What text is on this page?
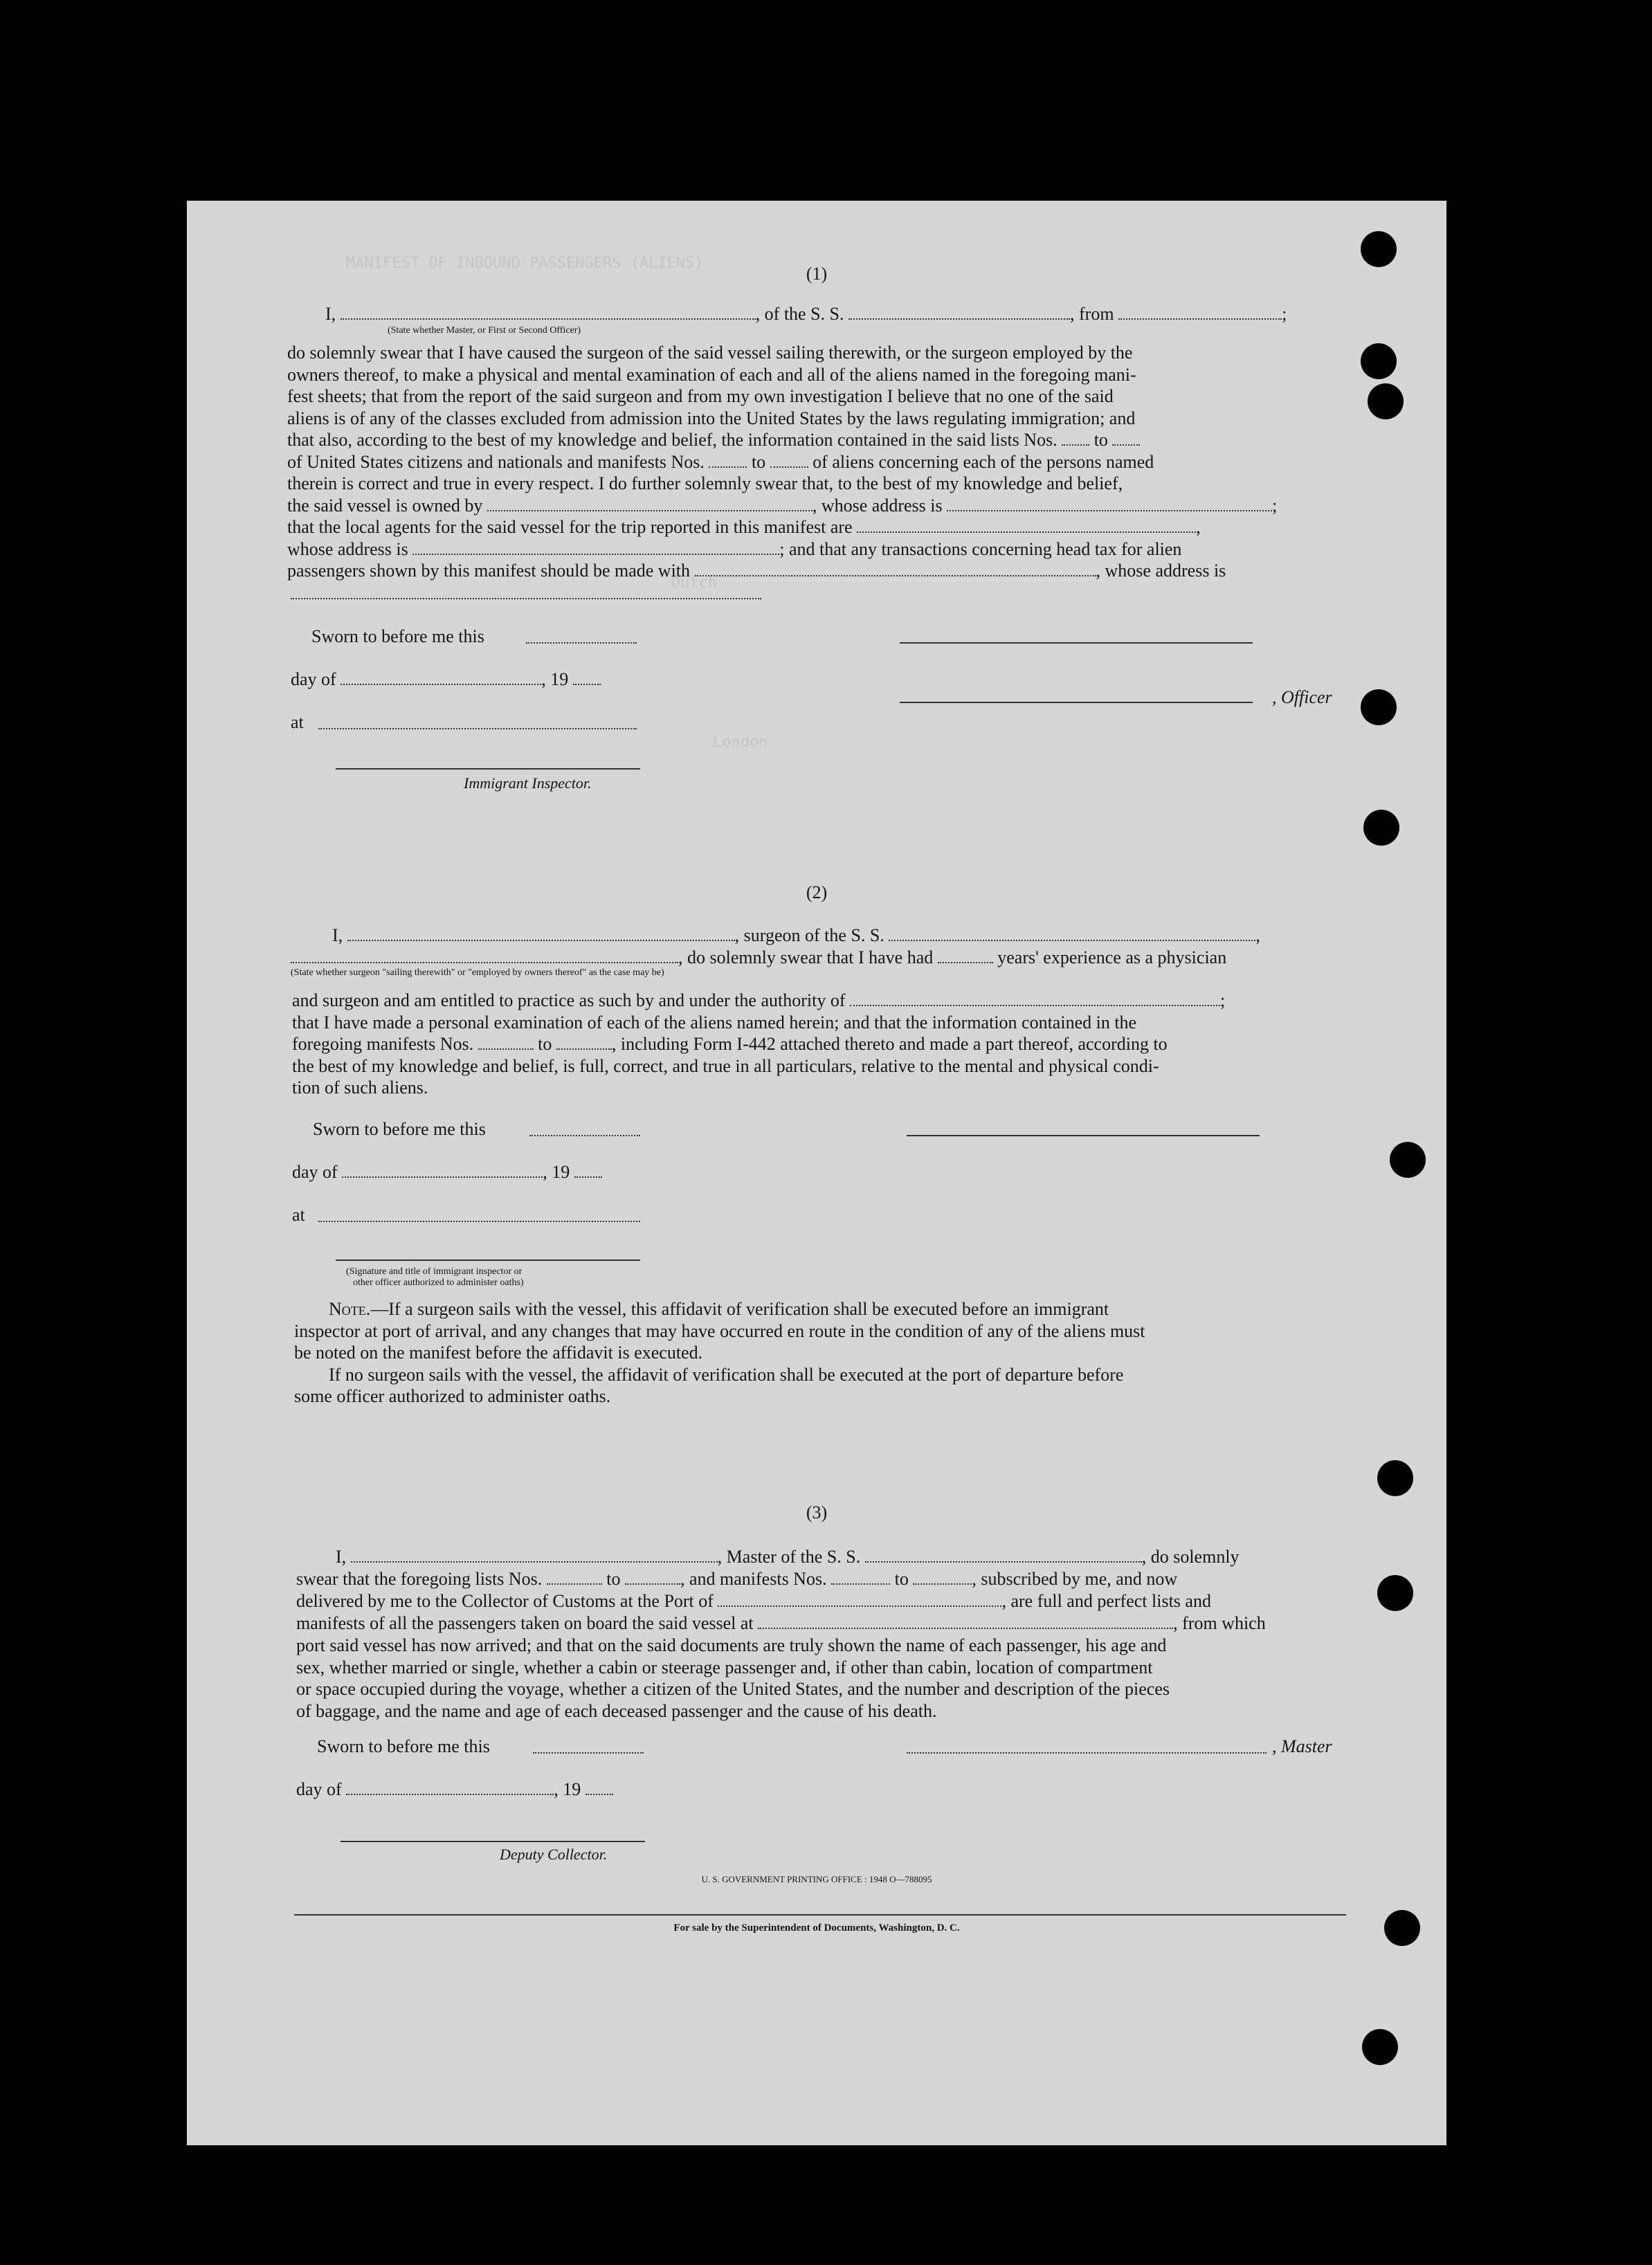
MANIFEST OF INBOUND PASSENGERS (ALIENS)
Dutch
London
(1)
I,	, of the S. S.	, from	;
(State whether Master, or First or Second Officer)
do solemnly swear that I have caused the surgeon of the said vessel sailing therewith, or the surgeon employed by the
owners thereof, to make a physical and mental examination of each and all of the aliens named in the foregoing mani-
fest sheets; that from the report of the said surgeon and from my own investigation I believe that no one of the said
aliens is of any of the classes excluded from admission into the United States by the laws regulating immigration; and
that also, according to the best of my knowledge and belief, the information contained in the said lists Nos. to
of United States citizens and nationals and manifests Nos.	to	of aliens concerning each of the persons named
therein is correct and true in every respect. I do further solemnly swear that, to the best of my knowledge and belief,
the said vessel is owned by	, whose address is	;
that the local agents for the said vessel for the trip reported in this manifest are	,
whose address is	; and that any transactions concerning head tax for alien
passengers shown by this manifest should be made with	, whose address is
Sworn to before me this
day of	, 19
, Officer
at
Immigrant Inspector.
(2)
I,	, surgeon of the S. S.	,
, do solemnly swear that I have had	years' experience as a physician
(State whether surgeon "sailing therewith" or "employed by owners thereof" as the case may be)
and surgeon and am entitled to practice as such by and under the authority of	;
that I have made a personal examination of each of the aliens named herein; and that the information contained in the
foregoing manifests Nos.	to	, including Form I-442 attached thereto and made a part thereof, according to
the best of my knowledge and belief, is full, correct, and true in all particulars, relative to the mental and physical condi-
tion of such aliens.
Sworn to before me this
day of	, 19
at
(Signature and title of immigrant inspector or
other officer authorized to administer oaths)
Note.—If a surgeon sails with the vessel, this affidavit of verification shall be executed before an immigrant
inspector at port of arrival, and any changes that may have occurred en route in the condition of any of the aliens must
be noted on the manifest before the affidavit is executed.
If no surgeon sails with the vessel, the affidavit of verification shall be executed at the port of departure before
some officer authorized to administer oaths.
(3)
I,	, Master of the S. S.	, do solemnly
swear that the foregoing lists Nos.	to	, and manifests Nos.	to	, subscribed by me, and now
delivered by me to the Collector of Customs at the Port of	, are full and perfect lists and
manifests of all the passengers taken on board the said vessel at	, from which
port said vessel has now arrived; and that on the said documents are truly shown the name of each passenger, his age and
sex, whether married or single, whether a cabin or steerage passenger and, if other than cabin, location of compartment
or space occupied during the voyage, whether a citizen of the United States, and the number and description of the pieces
of baggage, and the name and age of each deceased passenger and the cause of his death.
Sworn to before me this	, Master
day of	, 19
Deputy Collector.
U. S. GOVERNMENT PRINTING OFFICE : 1948 O—788095
For sale by the Superintendent of Documents, Washington, D. C.
